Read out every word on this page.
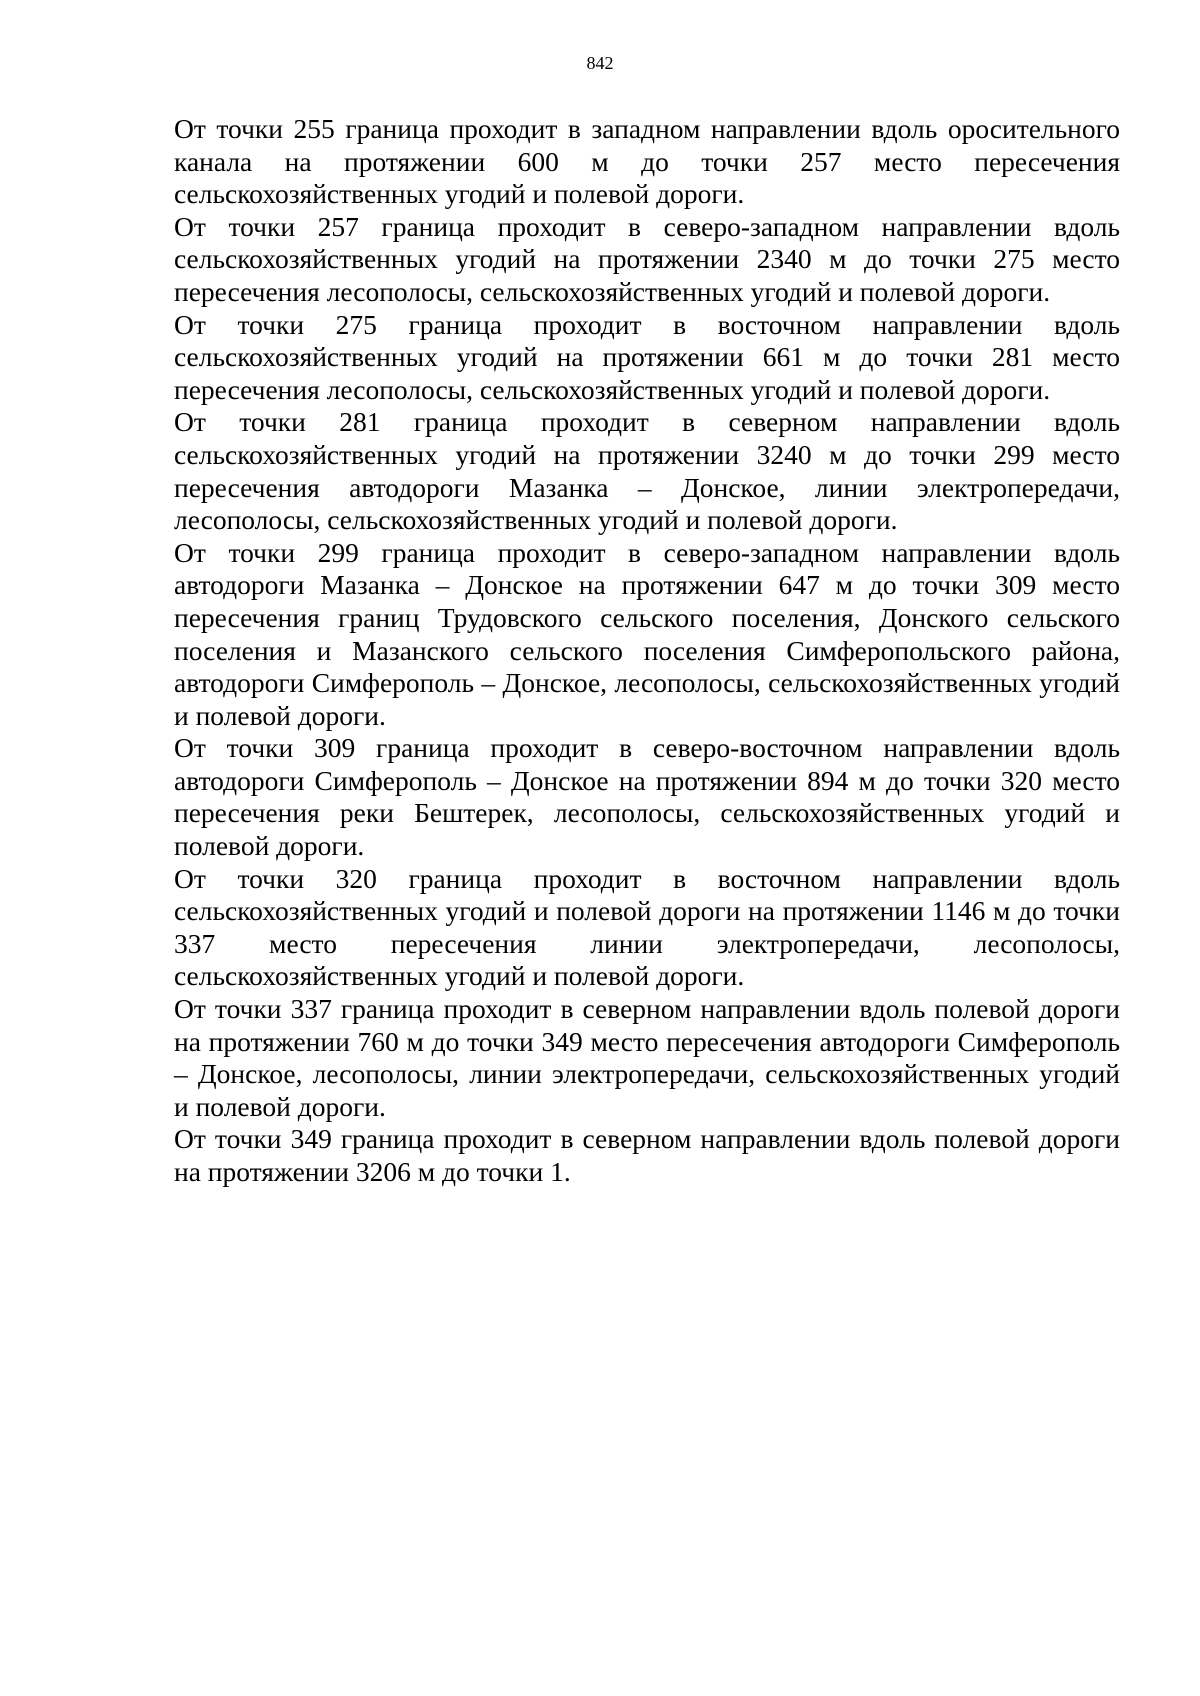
842

От точки 255 граница проходит в западном направлении вдоль оросительного канала на протяжении 600 м до точки 257 место пересечения сельскохозяйственных угодий и полевой дороги.

От точки 257 граница проходит в северо-западном направлении вдоль сельскохозяйственных угодий на протяжении 2340 м до точки 275 место пересечения лесополосы, сельскохозяйственных угодий и полевой дороги.

От точки 275 граница проходит в восточном направлении вдоль сельскохозяйственных угодий на протяжении 661 м до точки 281 место пересечения лесополосы, сельскохозяйственных угодий и полевой дороги.

От точки 281 граница проходит в северном направлении вдоль сельскохозяйственных угодий на протяжении 3240 м до точки 299 место пересечения автодороги Мазанка – Донское, линии электропередачи, лесополосы, сельскохозяйственных угодий и полевой дороги.

От точки 299 граница проходит в северо-западном направлении вдоль автодороги Мазанка – Донское на протяжении 647 м до точки 309 место пересечения границ Трудовского сельского поселения, Донского сельского поселения и Мазанского сельского поселения Симферопольского района, автодороги Симферополь – Донское, лесополосы, сельскохозяйственных угодий и полевой дороги.

От точки 309 граница проходит в северо-восточном направлении вдоль автодороги Симферополь – Донское на протяжении 894 м до точки 320 место пересечения реки Бештерек, лесополосы, сельскохозяйственных угодий и полевой дороги.

От точки 320 граница проходит в восточном направлении вдоль сельскохозяйственных угодий и полевой дороги на протяжении 1146 м до точки 337 место пересечения линии электропередачи, лесополосы, сельскохозяйственных угодий и полевой дороги.

От точки 337 граница проходит в северном направлении вдоль полевой дороги на протяжении 760 м до точки 349 место пересечения автодороги Симферополь – Донское, лесополосы, линии электропередачи, сельскохозяйственных угодий и полевой дороги.

От точки 349 граница проходит в северном направлении вдоль полевой дороги на протяжении 3206 м до точки 1.
